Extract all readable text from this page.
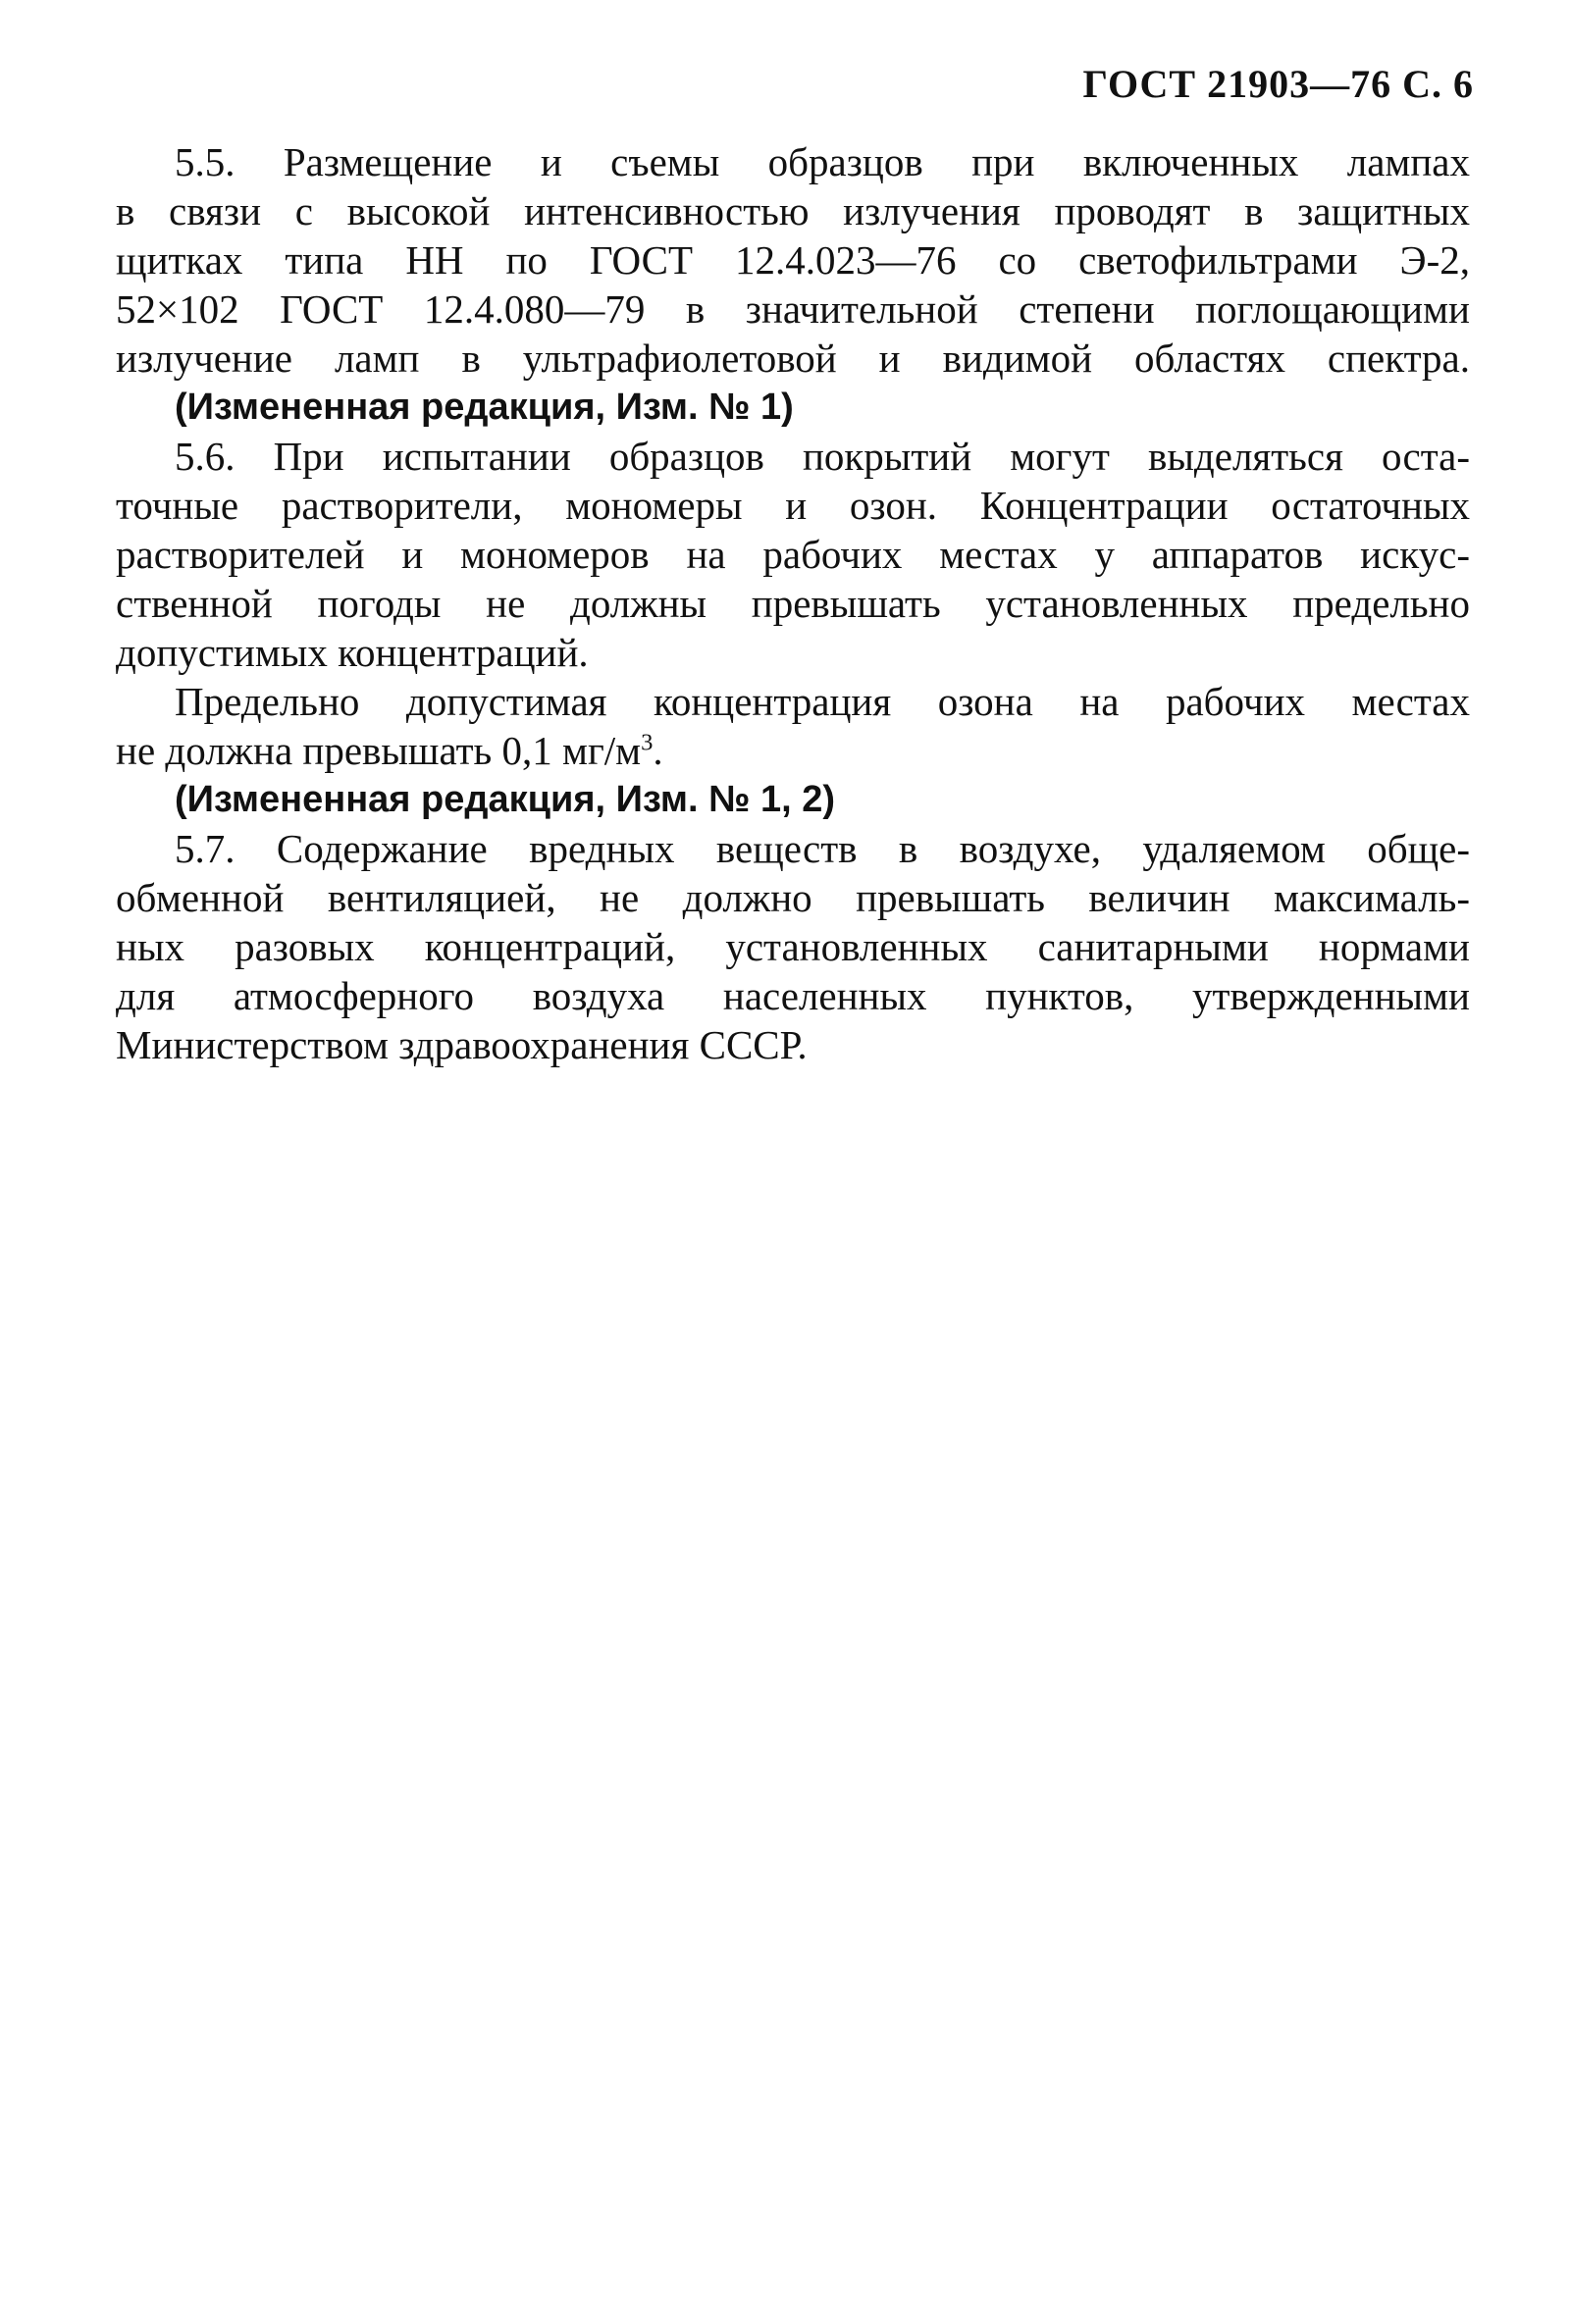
ГОСТ 21903—76 С. 6
5.5. Размещение и съемы образцов при включенных лампах
в связи с высокой интенсивностью излучения проводят в защитных
щитках типа НН по ГОСТ 12.4.023—76 со светофильтрами Э-2,
52×102 ГОСТ 12.4.080—79 в значительной степени поглощающими
излучение ламп в ультрафиолетовой и видимой областях спектра.
(Измененная редакция, Изм. № 1)
5.6. При испытании образцов покрытий могут выделяться оста-
точные растворители, мономеры и озон. Концентрации остаточных
растворителей и мономеров на рабочих местах у аппаратов искус-
ственной погоды не должны превышать установленных предельно
допустимых концентраций.
Предельно допустимая концентрация озона на рабочих местах
не должна превышать 0,1 $мг/м^3$.
(Измененная редакция, Изм. № 1, 2)
5.7. Содержание вредных веществ в воздухе, удаляемом обще-
обменной вентиляцией, не должно превышать величин максималь-
ных разовых концентраций, установленных санитарными нормами
для атмосферного воздуха населенных пунктов, утвержденными
Министерством здравоохранения СССР.
